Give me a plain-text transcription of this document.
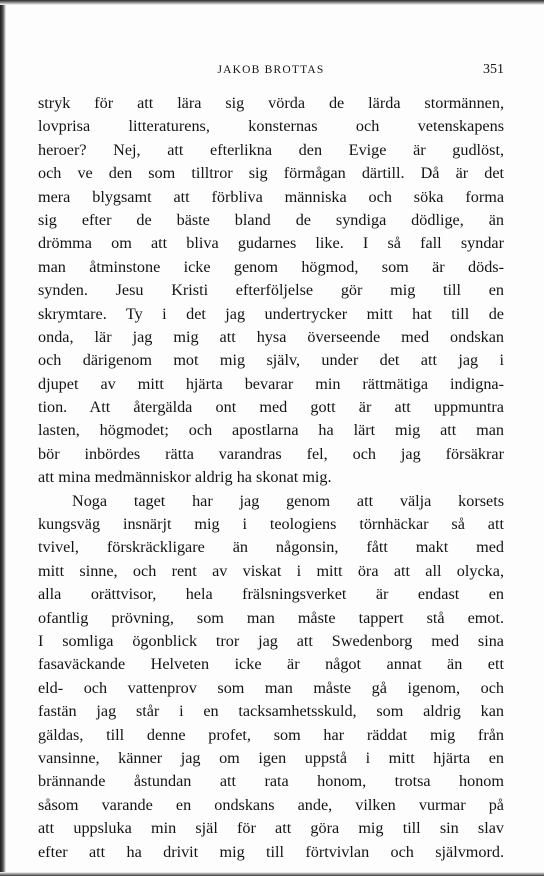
JAKOB BROTTAS	351
stryk för att lära sig vörda de lärda stormännen,
lovprisa litteraturens, konsternas och vetenskapens
heroer? Nej, att efterlikna den Evige är gudlöst,
och ve den som tilltror sig förmågan därtill. Då är det
mera blygsamt att förbliva människa och söka forma
sig efter de bäste bland de syndiga dödlige, än
drömma om att bliva gudarnes like. I så fall syndar
man åtminstone icke genom högmod, som är döds-
synden. Jesu Kristi efterföljelse gör mig till en
skrymtare. Ty i det jag undertrycker mitt hat till de
onda, lär jag mig att hysa överseende med ondskan
och därigenom mot mig själv, under det att jag i
djupet av mitt hjärta bevarar min rättmätiga indigna-
tion. Att återgälda ont med gott är att uppmuntra
lasten, högmodet; och apostlarna ha lärt mig att man
bör inbördes rätta varandras fel, och jag försäkrar
att mina medmänniskor aldrig ha skonat mig.
Noga taget har jag genom att välja korsets
kungsväg insnärjt mig i teologiens törnhäckar så att
tvivel, förskräckligare än någonsin, fått makt med
mitt sinne, och rent av viskat i mitt öra att all olycka,
alla orättvisor, hela frälsningsverket är endast en
ofantlig prövning, som man måste tappert stå emot.
I somliga ögonblick tror jag att Swedenborg med sina
fasaväckande Helveten icke är något annat än ett
eld- och vattenprov som man måste gå igenom, och
fastän jag står i en tacksamhetsskuld, som aldrig kan
gäldas, till denne profet, som har räddat mig från
vansinne, känner jag om igen uppstå i mitt hjärta en
brännande åstundan att rata honom, trotsa honom
såsom varande en ondskans ande, vilken vurmar på
att uppsluka min själ för att göra mig till sin slav
efter att ha drivit mig till förtvivlan och självmord.
